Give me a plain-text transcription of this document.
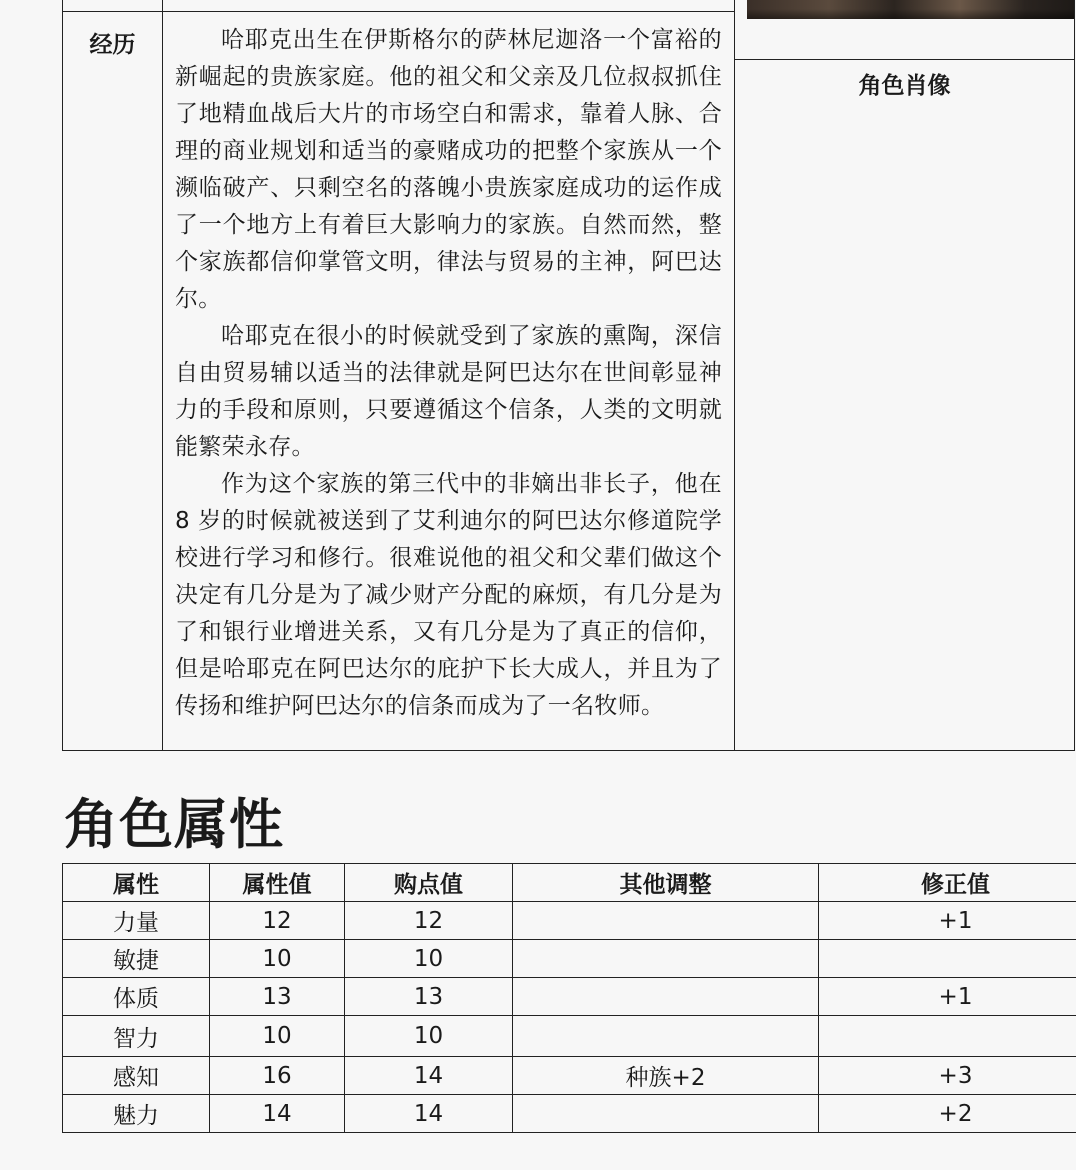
		角色肖像

经历	哈耶克出生在伊斯格尔的萨林尼迦洛一个富裕的新崛起的贵族家庭。他的祖父和父亲及几位叔叔抓住了地精血战后大片的市场空白和需求，靠着人脉、合理的商业规划和适当的豪赌成功的把整个家族从一个濒临破产、只剩空名的落魄小贵族家庭成功的运作成了一个地方上有着巨大影响力的家族。自然而然，整个家族都信仰掌管文明，律法与贸易的主神，阿巴达尔。

哈耶克在很小的时候就受到了家族的熏陶，深信自由贸易辅以适当的法律就是阿巴达尔在世间彰显神力的手段和原则，只要遵循这个信条，人类的文明就能繁荣永存。

作为这个家族的第三代中的非嫡出非长子，他在 8 岁的时候就被送到了艾利迪尔的阿巴达尔修道院学校进行学习和修行。很难说他的祖父和父辈们做这个决定有几分是为了减少财产分配的麻烦，有几分是为了和银行业增进关系，又有几分是为了真正的信仰，但是哈耶克在阿巴达尔的庇护下长大成人，并且为了传扬和维护阿巴达尔的信条而成为了一名牧师。	

角色属性
属性	属性值	购点值	其他调整	修正值
力量	12	12		+1
敏捷	10	10		
体质	13	13		+1
智力	10	10		
感知	16	14	种族+2	+3
魅力	14	14		+2
